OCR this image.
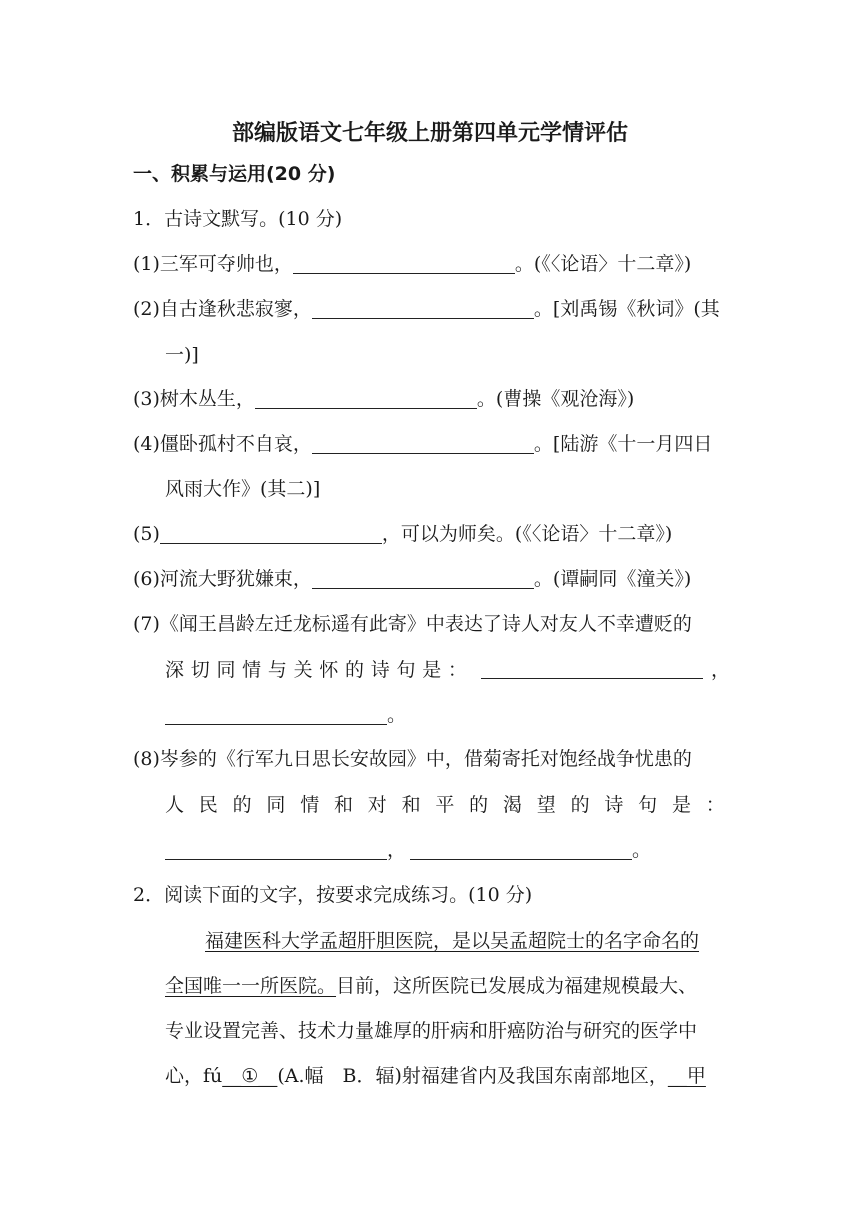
部编版语文七年级上册第四单元学情评估
一、积累与运用(20 分)
1．古诗文默写。(10 分)
(1)三军可夺帅也，	。(《〈论语〉十二章》)
(2)自古逢秋悲寂寥，	。[刘禹锡《秋词》(其
一)]
(3)树木丛生，	。(曹操《观沧海》)
(4)僵卧孤村不自哀，	。[陆游《十一月四日
风雨大作》(其二)]
(5)	，可以为师矣。(《〈论语〉十二章》)
(6)河流大野犹嫌束，	。(谭嗣同《潼关》)
(7)《闻王昌龄左迁龙标遥有此寄》中表达了诗人对友人不幸遭贬的
深 切 同 情 与 关 怀 的 诗 句 是 ：	，
。
(8)岑参的《行军九日思长安故园》中，借菊寄托对饱经战争忧患的
人 民 的 同 情 和 对 和 平 的 渴 望 的 诗 句 是 ：
，	。
2．阅读下面的文字，按要求完成练习。(10 分)
福建医科大学孟超肝胆医院，是以吴孟超院士的名字命名的
全国唯一一所医院。目前，这所医院已发展成为福建规模最大、
专业设置完善、技术力量雄厚的肝病和肝癌防治与研究的医学中
心，fú__①__(A.幅　B．辐)射福建省内及我国东南部地区，__甲
